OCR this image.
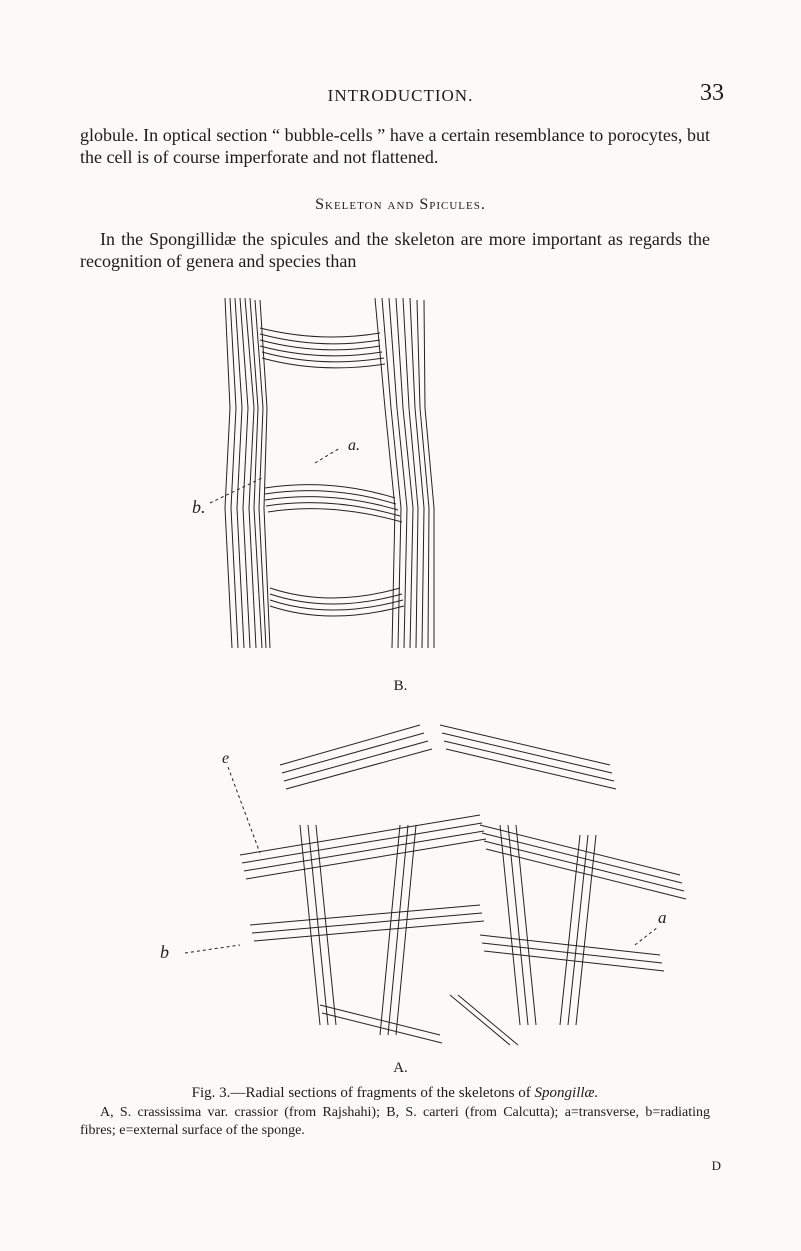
INTRODUCTION.	33
globule. In optical section “ bubble-cells ” have a certain resemblance to porocytes, but the cell is of course imperforate and not flattened.
Skeleton and Spicules.
In the Spongillidæ the spicules and the skeleton are more important as regards the recognition of genera and species than
a.
b.
B.
e
b
a
A.
Fig. 3.—Radial sections of fragments of the skeletons of Spongillæ.
A, S. crassissima var. crassior (from Rajshahi); B, S. carteri (from Calcutta); a=transverse, b=radiating fibres; e=external surface of the sponge.
D
